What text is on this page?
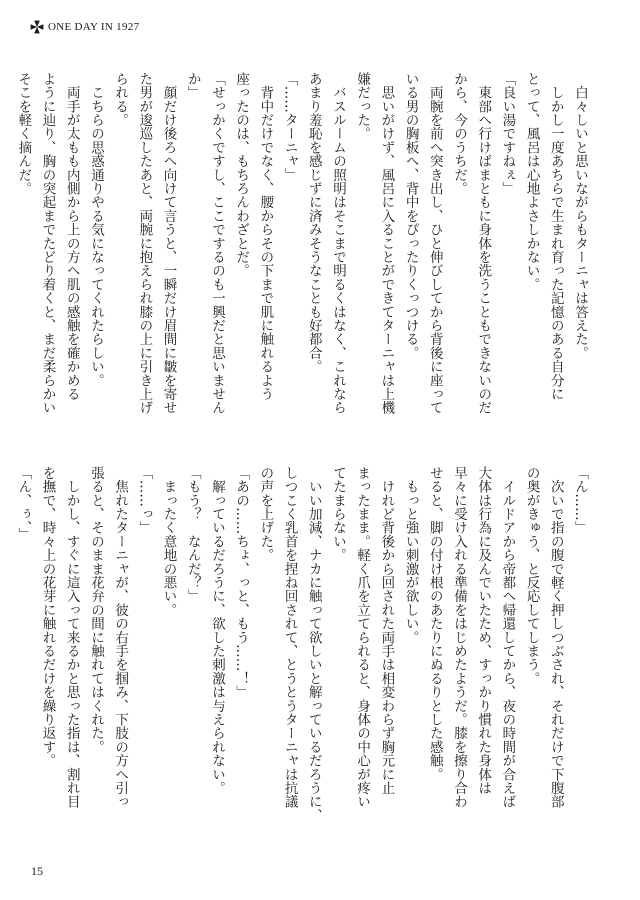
ONE DAY IN 1927

　白々しいと思いながらもターニャは答えた。

　しかし一度あちらで生まれ育った記憶のある自分に

とって、風呂は心地よさしかない。

「良い湯ですねぇ」

　東部へ行けばまともに身体を洗うこともできないのだ

から、今のうちだ。

　両腕を前へ突き出し、ひと伸びしてから背後に座って

いる男の胸板へ、背中をぴったりくっつける。

　思いがけず、風呂に入ることができてターニャは上機

嫌だった。

　バスルームの照明はそこまで明るくはなく、これなら

あまり羞恥を感じずに済みそうなことも好都合。

「……ターニャ」

　背中だけでなく、腰からその下まで肌に触れるよう

座ったのは、もちろんわざとだ。

「せっかくですし、ここでするのも一興だと思いません

か」

　顔だけ後ろへ向けて言うと、一瞬だけ眉間に皺を寄せ

た男が逡巡したあと、両腕に抱えられ膝の上に引き上げ

られる。

　こちらの思惑通りやる気になってくれたらしい。

　両手が太もも内側から上の方へ肌の感触を確かめる

ように辿り、胸の突起までたどり着くと、まだ柔らかい

そこを軽く摘んだ。

「ん……」

　次いで指の腹で軽く押しつぶされ、それだけで下腹部

の奥がきゅう、と反応してしまう。

　イルドアから帝都へ帰還してから、夜の時間が合えば

大体は行為に及んでいたため、すっかり慣れた身体は

早々に受け入れる準備をはじめたようだ。膝を擦り合わ

せると、脚の付け根のあたりにぬるりとした感触。

　もっと強い刺激が欲しい。

　けれど背後から回された両手は相変わらず胸元に止

まったまま。軽く爪を立てられると、身体の中心が疼い

てたまらない。

　いい加減、ナカに触って欲しいと解っているだろうに、

しつこく乳首を捏ね回されて、とうとうターニャは抗議

の声を上げた。

「あの……ちょ、っと、もう……！」

　解っているだろうに、欲した刺激は与えられない。

「もう？　なんだ？」

　まったく意地の悪い。

「……っ」

　焦れたターニャが、彼の右手を掴み、下肢の方へ引っ

張ると、そのまま花弁の間に触れてはくれた。

　しかし、すぐに這入って来るかと思った指は、割れ目

を撫で、時々上の花芽に触れるだけを繰り返す。

「ん、ぅ、」

15
